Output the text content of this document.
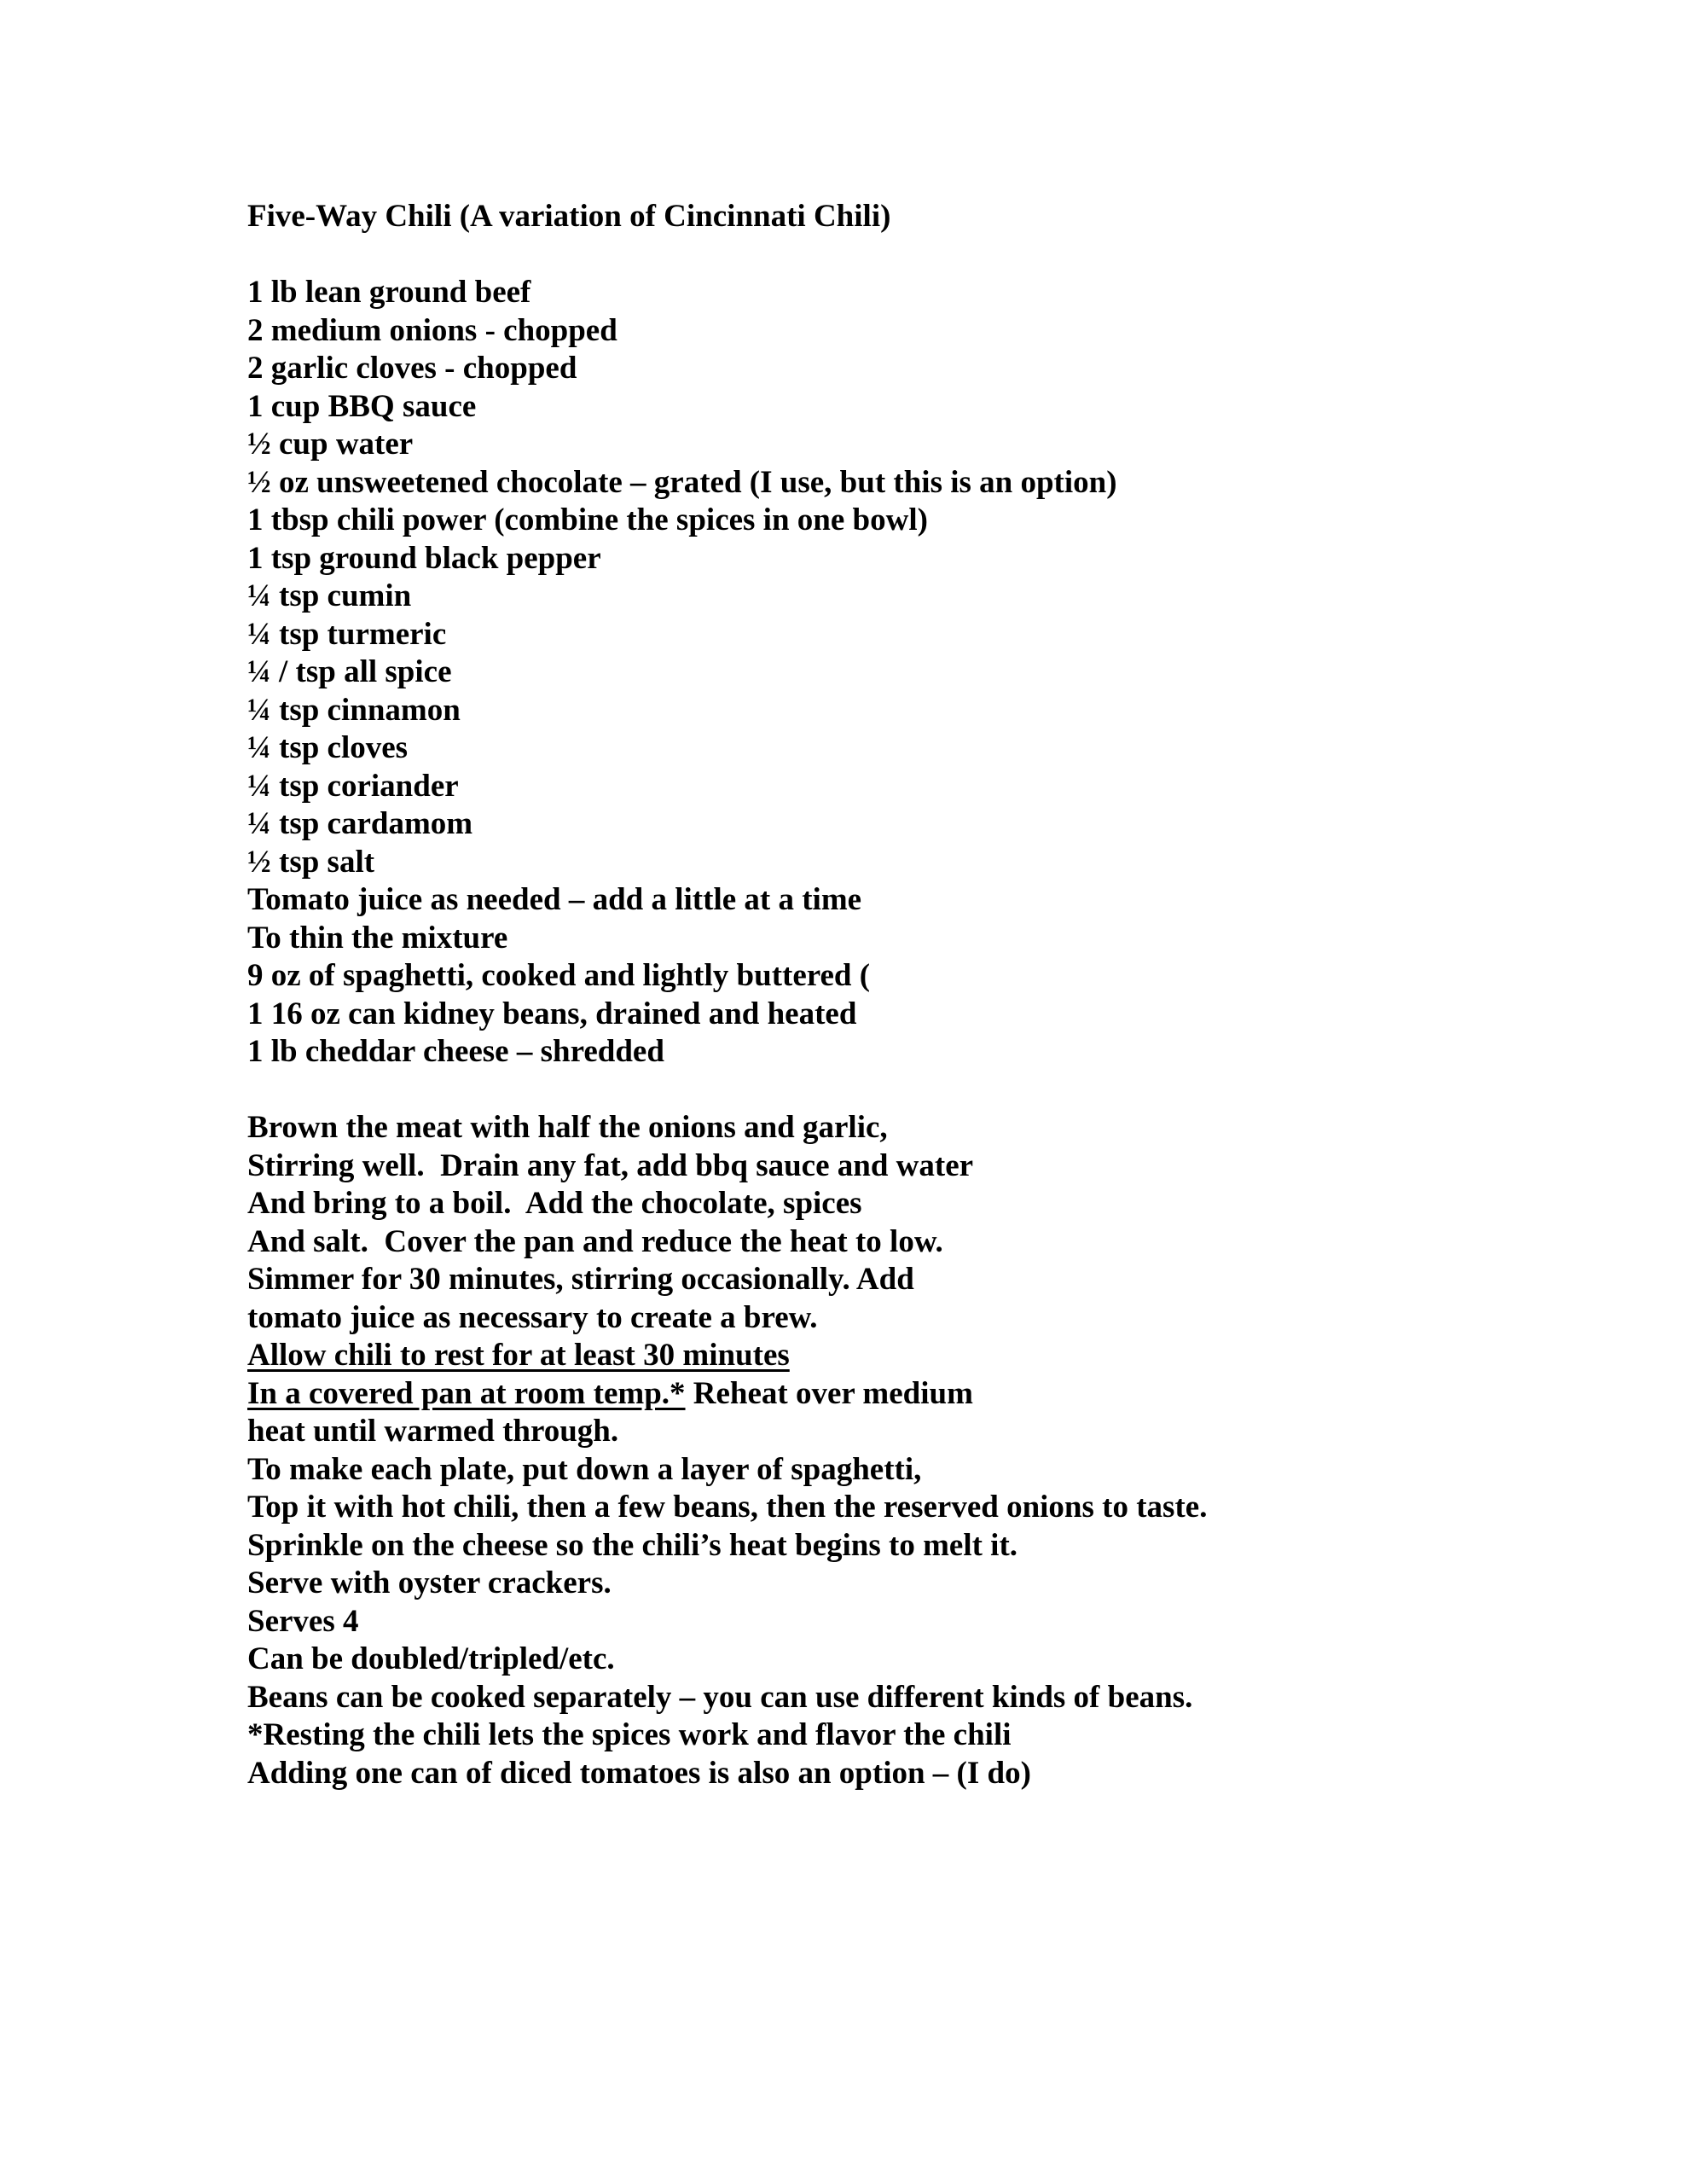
Five-Way Chili (A variation of Cincinnati Chili)
1 lb lean ground beef
2 medium onions - chopped
2 garlic cloves - chopped
1 cup BBQ sauce
½ cup water
½ oz unsweetened chocolate – grated (I use, but this is an option)
1 tbsp chili power (combine the spices in one bowl)
1 tsp ground black pepper
¼ tsp cumin
¼ tsp turmeric
¼ / tsp all spice
¼ tsp cinnamon
¼ tsp cloves
¼ tsp coriander
¼ tsp cardamom
½ tsp salt
Tomato juice as needed – add a little at a time
To thin the mixture
9 oz of spaghetti, cooked and lightly buttered (
1 16 oz can kidney beans, drained and heated
1 lb cheddar cheese – shredded
Brown the meat with half the onions and garlic,
Stirring well.  Drain any fat, add bbq sauce and water
And bring to a boil.  Add the chocolate, spices
And salt.  Cover the pan and reduce the heat to low.
Simmer for 30 minutes, stirring occasionally. Add
tomato juice as necessary to create a brew.
Allow chili to rest for at least 30 minutes
In a covered pan at room temp.* Reheat over medium
heat until warmed through.
To make each plate, put down a layer of spaghetti,
Top it with hot chili, then a few beans, then the reserved onions to taste.
Sprinkle on the cheese so the chili’s heat begins to melt it.
Serve with oyster crackers.
Serves 4
Can be doubled/tripled/etc.
Beans can be cooked separately – you can use different kinds of beans.
*Resting the chili lets the spices work and flavor the chili
Adding one can of diced tomatoes is also an option – (I do)
